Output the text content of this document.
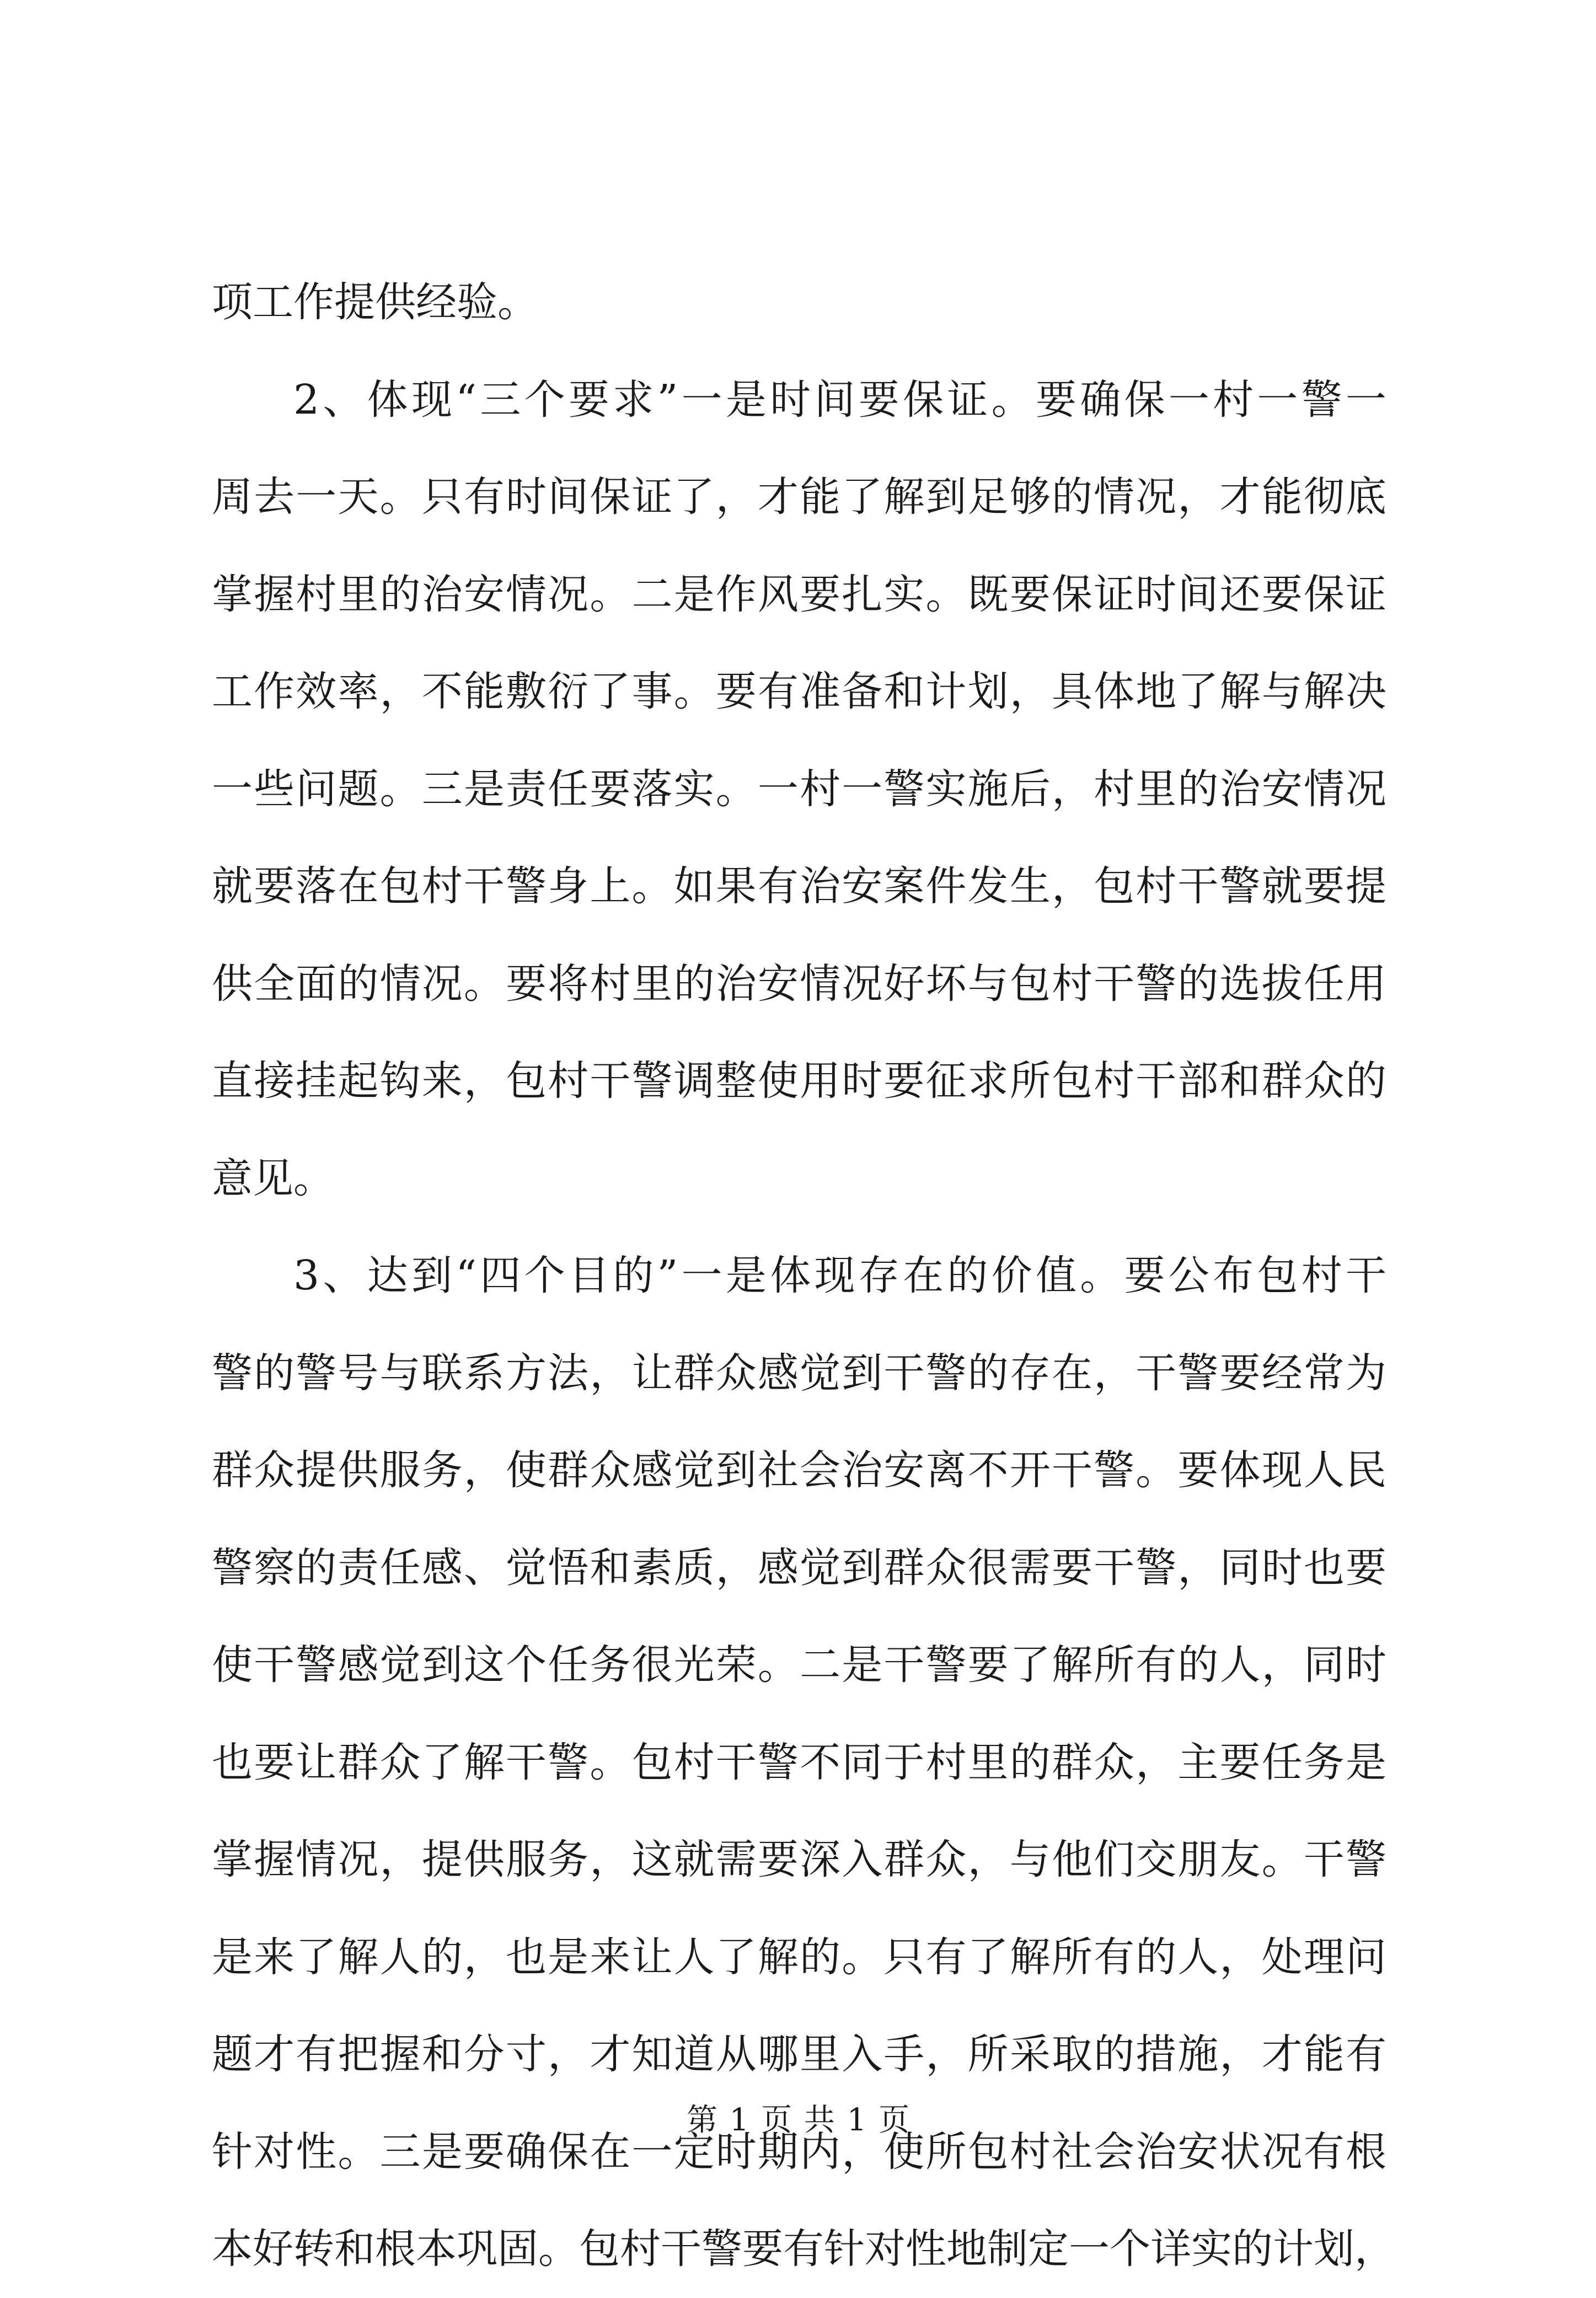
项工作提供经验。
2、体现“三个要求”一是时间要保证。要确保一村一警一
周去一天。只有时间保证了，才能了解到足够的情况，才能彻底
掌握村里的治安情况。二是作风要扎实。既要保证时间还要保证
工作效率，不能敷衍了事。要有准备和计划，具体地了解与解决
一些问题。三是责任要落实。一村一警实施后，村里的治安情况
就要落在包村干警身上。如果有治安案件发生，包村干警就要提
供全面的情况。要将村里的治安情况好坏与包村干警的选拔任用
直接挂起钩来，包村干警调整使用时要征求所包村干部和群众的
意见。
3、达到“四个目的”一是体现存在的价值。要公布包村干
警的警号与联系方法，让群众感觉到干警的存在，干警要经常为
群众提供服务，使群众感觉到社会治安离不开干警。要体现人民
警察的责任感、觉悟和素质，感觉到群众很需要干警，同时也要
使干警感觉到这个任务很光荣。二是干警要了解所有的人，同时
也要让群众了解干警。包村干警不同于村里的群众，主要任务是
掌握情况，提供服务，这就需要深入群众，与他们交朋友。干警
是来了解人的，也是来让人了解的。只有了解所有的人，处理问
题才有把握和分寸，才知道从哪里入手，所采取的措施，才能有
针对性。三是要确保在一定时期内，使所包村社会治安状况有根
本好转和根本巩固。包村干警要有针对性地制定一个详实的计划，
第 1 页 共 1 页
